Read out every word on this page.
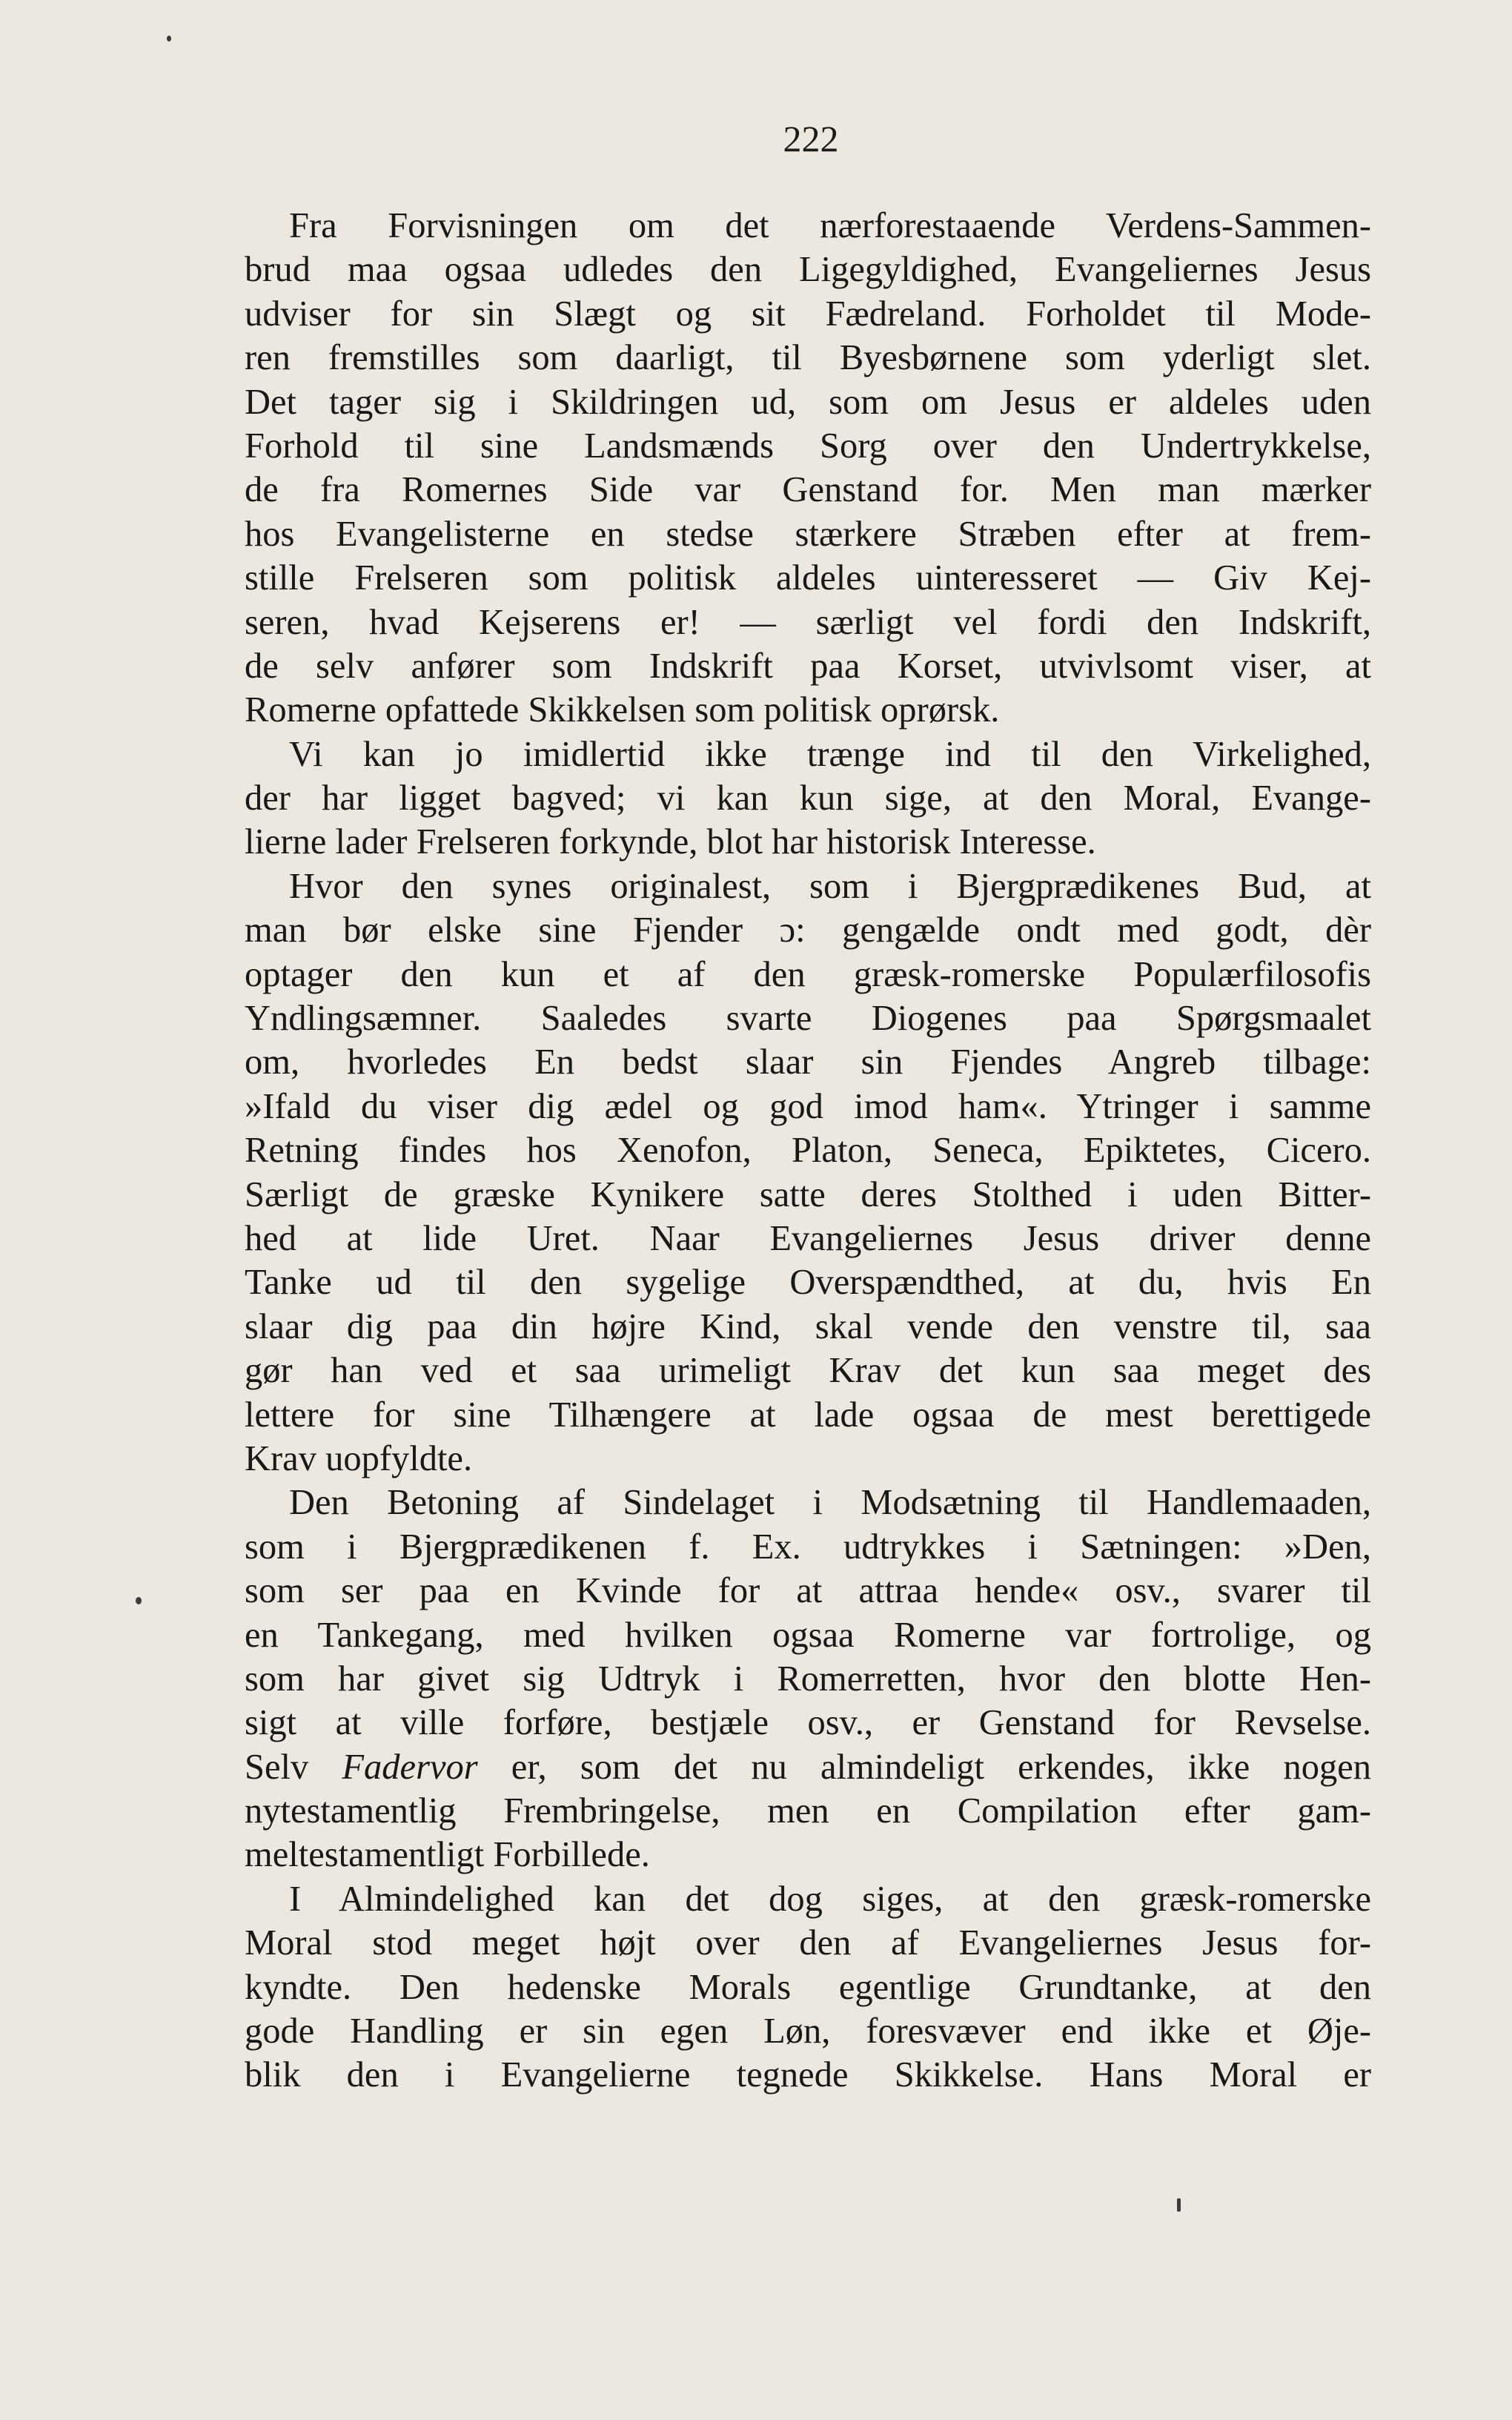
222
Fra Forvisningen om det nærforestaaende Verdens-Sammen-
brud maa ogsaa udledes den Ligegyldighed, Evangeliernes Jesus
udviser for sin Slægt og sit Fædreland. Forholdet til Mode-
ren fremstilles som daarligt, til Byesbørnene som yderligt slet.
Det tager sig i Skildringen ud, som om Jesus er aldeles uden
Forhold til sine Landsmænds Sorg over den Undertrykkelse,
de fra Romernes Side var Genstand for. Men man mærker
hos Evangelisterne en stedse stærkere Stræben efter at frem-
stille Frelseren som politisk aldeles uinteresseret — Giv Kej-
seren, hvad Kejserens er! — særligt vel fordi den Indskrift,
de selv anfører som Indskrift paa Korset, utvivlsomt viser, at
Romerne opfattede Skikkelsen som politisk oprørsk.
Vi kan jo imidlertid ikke trænge ind til den Virkelighed,
der har ligget bagved; vi kan kun sige, at den Moral, Evange-
lierne lader Frelseren forkynde, blot har historisk Interesse.
Hvor den synes originalest, som i Bjergprædikenes Bud, at
man bør elske sine Fjender ɔ: gengælde ondt med godt, dèr
optager den kun et af den græsk-romerske Populærfilosofis
Yndlingsæmner. Saaledes svarte Diogenes paa Spørgsmaalet
om, hvorledes En bedst slaar sin Fjendes Angreb tilbage:
»Ifald du viser dig ædel og god imod ham«. Ytringer i samme
Retning findes hos Xenofon, Platon, Seneca, Epiktetes, Cicero.
Særligt de græske Kynikere satte deres Stolthed i uden Bitter-
hed at lide Uret. Naar Evangeliernes Jesus driver denne
Tanke ud til den sygelige Overspændthed, at du, hvis En
slaar dig paa din højre Kind, skal vende den venstre til, saa
gør han ved et saa urimeligt Krav det kun saa meget des
lettere for sine Tilhængere at lade ogsaa de mest berettigede
Krav uopfyldte.
Den Betoning af Sindelaget i Modsætning til Handlemaaden,
som i Bjergprædikenen f. Ex. udtrykkes i Sætningen: »Den,
som ser paa en Kvinde for at attraa hende« osv., svarer til
en Tankegang, med hvilken ogsaa Romerne var fortrolige, og
som har givet sig Udtryk i Romerretten, hvor den blotte Hen-
sigt at ville forføre, bestjæle osv., er Genstand for Revselse.
Selv Fadervor er, som det nu almindeligt erkendes, ikke nogen
nytestamentlig Frembringelse, men en Compilation efter gam-
meltestamentligt Forbillede.
I Almindelighed kan det dog siges, at den græsk-romerske
Moral stod meget højt over den af Evangeliernes Jesus for-
kyndte. Den hedenske Morals egentlige Grundtanke, at den
gode Handling er sin egen Løn, foresvæver end ikke et Øje-
blik den i Evangelierne tegnede Skikkelse. Hans Moral er
